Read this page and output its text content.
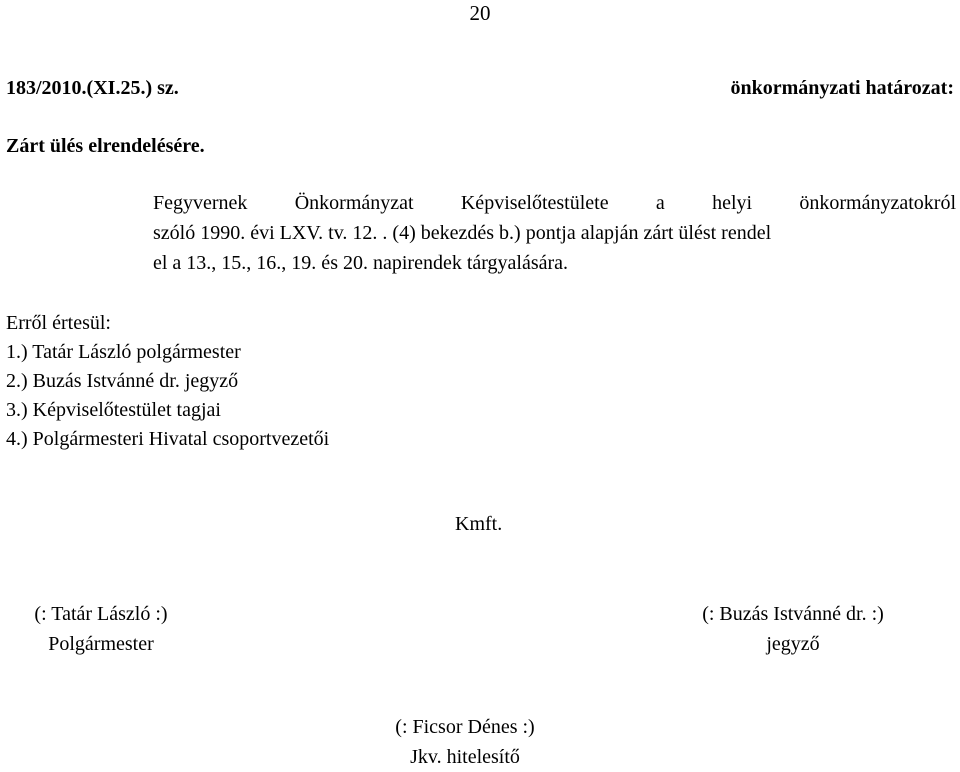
20
183/2010.(XI.25.) sz.	önkormányzati határozat:
Zárt ülés elrendelésére.
Fegyvernek Önkormányzat Képviselőtestülete a helyi önkormányzatokról
szóló 1990. évi LXV. tv. 12. . (4) bekezdés b.) pontja alapján zárt ülést rendel
el a 13., 15., 16., 19. és 20. napirendek tárgyalására.
Erről értesül:
1.) Tatár László polgármester
2.) Buzás Istvánné dr. jegyző
3.) Képviselőtestület tagjai
4.) Polgármesteri Hivatal csoportvezetői
Kmft.
(: Tatár László :)
Polgármester
(: Buzás Istvánné dr. :)
jegyző
(: Ficsor Dénes :)
Jkv. hitelesítő
